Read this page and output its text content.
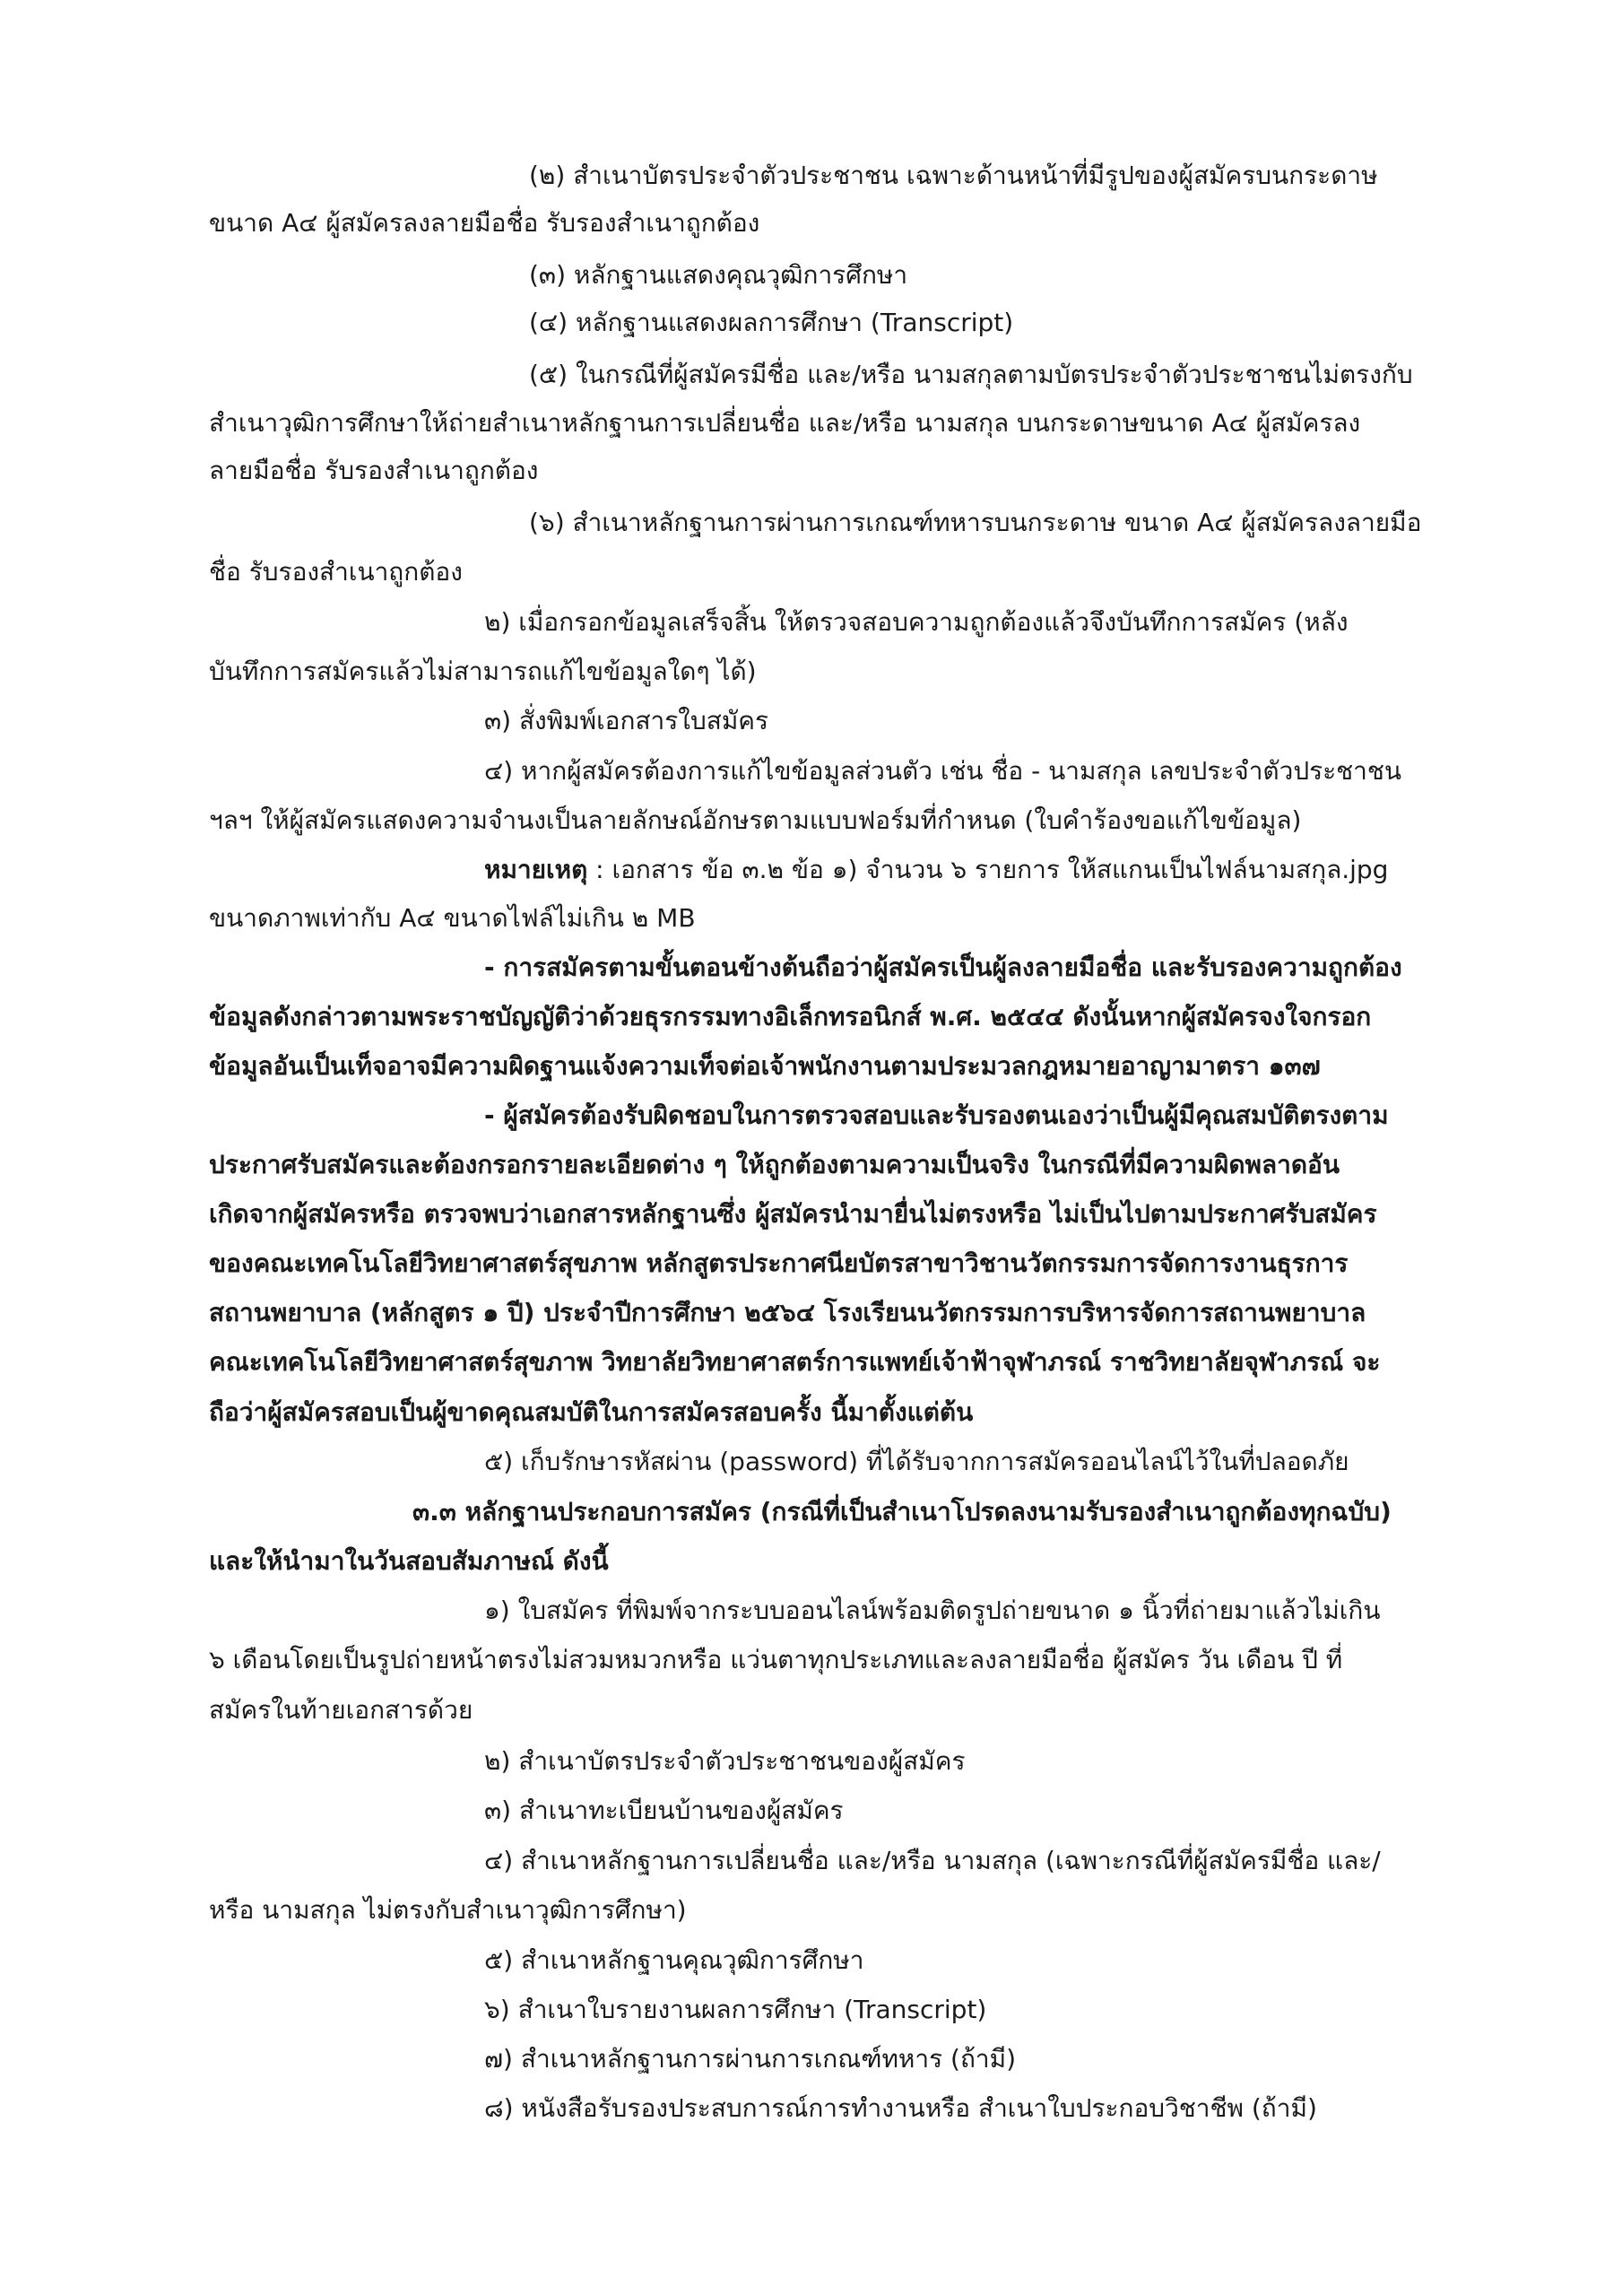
(๒) สำเนาบัตรประจำตัวประชาชน เฉพาะด้านหน้าที่มีรูปของผู้สมัครบนกระดาษ
ขนาด A๔ ผู้สมัครลงลายมือชื่อ รับรองสำเนาถูกต้อง
(๓) หลักฐานแสดงคุณวุฒิการศึกษา
(๔) หลักฐานแสดงผลการศึกษา (Transcript)
(๕) ในกรณีที่ผู้สมัครมีชื่อ และ/หรือ นามสกุลตามบัตรประจำตัวประชาชนไม่ตรงกับ
สำเนาวุฒิการศึกษาให้ถ่ายสำเนาหลักฐานการเปลี่ยนชื่อ และ/หรือ นามสกุล บนกระดาษขนาด A๔ ผู้สมัครลง
ลายมือชื่อ รับรองสำเนาถูกต้อง
(๖) สำเนาหลักฐานการผ่านการเกณฑ์ทหารบนกระดาษ ขนาด A๔ ผู้สมัครลงลายมือ
ชื่อ รับรองสำเนาถูกต้อง
๒) เมื่อกรอกข้อมูลเสร็จสิ้น ให้ตรวจสอบความถูกต้องแล้วจึงบันทึกการสมัคร (หลัง
บันทึกการสมัครแล้วไม่สามารถแก้ไขข้อมูลใดๆ ได้)
๓) สั่งพิมพ์เอกสารใบสมัคร
๔) หากผู้สมัครต้องการแก้ไขข้อมูลส่วนตัว เช่น ชื่อ - นามสกุล เลขประจำตัวประชาชน
ฯลฯ ให้ผู้สมัครแสดงความจำนงเป็นลายลักษณ์อักษรตามแบบฟอร์มที่กำหนด (ใบคำร้องขอแก้ไขข้อมูล)
หมายเหตุ : เอกสาร ข้อ ๓.๒ ข้อ ๑) จำนวน ๖ รายการ ให้สแกนเป็นไฟล์นามสกุล.jpg
ขนาดภาพเท่ากับ A๔ ขนาดไฟล์ไม่เกิน ๒ MB
- การสมัครตามขั้นตอนข้างต้นถือว่าผู้สมัครเป็นผู้ลงลายมือชื่อ และรับรองความถูกต้อง
ข้อมูลดังกล่าวตามพระราชบัญญัติว่าด้วยธุรกรรมทางอิเล็กทรอนิกส์ พ.ศ. ๒๕๔๔ ดังนั้นหากผู้สมัครจงใจกรอก
ข้อมูลอันเป็นเท็จอาจมีความผิดฐานแจ้งความเท็จต่อเจ้าพนักงานตามประมวลกฎหมายอาญามาตรา ๑๓๗
- ผู้สมัครต้องรับผิดชอบในการตรวจสอบและรับรองตนเองว่าเป็นผู้มีคุณสมบัติตรงตาม
ประกาศรับสมัครและต้องกรอกรายละเอียดต่าง ๆ ให้ถูกต้องตามความเป็นจริง ในกรณีที่มีความผิดพลาดอัน
เกิดจากผู้สมัครหรือ ตรวจพบว่าเอกสารหลักฐานซึ่ง ผู้สมัครนำมายื่นไม่ตรงหรือ ไม่เป็นไปตามประกาศรับสมัคร
ของคณะเทคโนโลยีวิทยาศาสตร์สุขภาพ หลักสูตรประกาศนียบัตรสาขาวิชานวัตกรรมการจัดการงานธุรการ
สถานพยาบาล (หลักสูตร ๑ ปี) ประจำปีการศึกษา ๒๕๖๔ โรงเรียนนวัตกรรมการบริหารจัดการสถานพยาบาล
คณะเทคโนโลยีวิทยาศาสตร์สุขภาพ วิทยาลัยวิทยาศาสตร์การแพทย์เจ้าฟ้าจุฬาภรณ์ ราชวิทยาลัยจุฬาภรณ์ จะ
ถือว่าผู้สมัครสอบเป็นผู้ขาดคุณสมบัติในการสมัครสอบครั้ง นี้มาตั้งแต่ต้น
๕) เก็บรักษารหัสผ่าน (password) ที่ได้รับจากการสมัครออนไลน์ไว้ในที่ปลอดภัย
๓.๓ หลักฐานประกอบการสมัคร (กรณีที่เป็นสำเนาโปรดลงนามรับรองสำเนาถูกต้องทุกฉบับ)
และให้นำมาในวันสอบสัมภาษณ์ ดังนี้
๑) ใบสมัคร ที่พิมพ์จากระบบออนไลน์พร้อมติดรูปถ่ายขนาด ๑ นิ้วที่ถ่ายมาแล้วไม่เกิน
๖ เดือนโดยเป็นรูปถ่ายหน้าตรงไม่สวมหมวกหรือ แว่นตาทุกประเภทและลงลายมือชื่อ ผู้สมัคร วัน เดือน ปี ที่
สมัครในท้ายเอกสารด้วย
๒) สำเนาบัตรประจำตัวประชาชนของผู้สมัคร
๓) สำเนาทะเบียนบ้านของผู้สมัคร
๔) สำเนาหลักฐานการเปลี่ยนชื่อ และ/หรือ นามสกุล (เฉพาะกรณีที่ผู้สมัครมีชื่อ และ/
หรือ นามสกุล ไม่ตรงกับสำเนาวุฒิการศึกษา)
๕) สำเนาหลักฐานคุณวุฒิการศึกษา
๖) สำเนาใบรายงานผลการศึกษา (Transcript)
๗) สำเนาหลักฐานการผ่านการเกณฑ์ทหาร (ถ้ามี)
๘) หนังสือรับรองประสบการณ์การทำงานหรือ สำเนาใบประกอบวิชาชีพ (ถ้ามี)
